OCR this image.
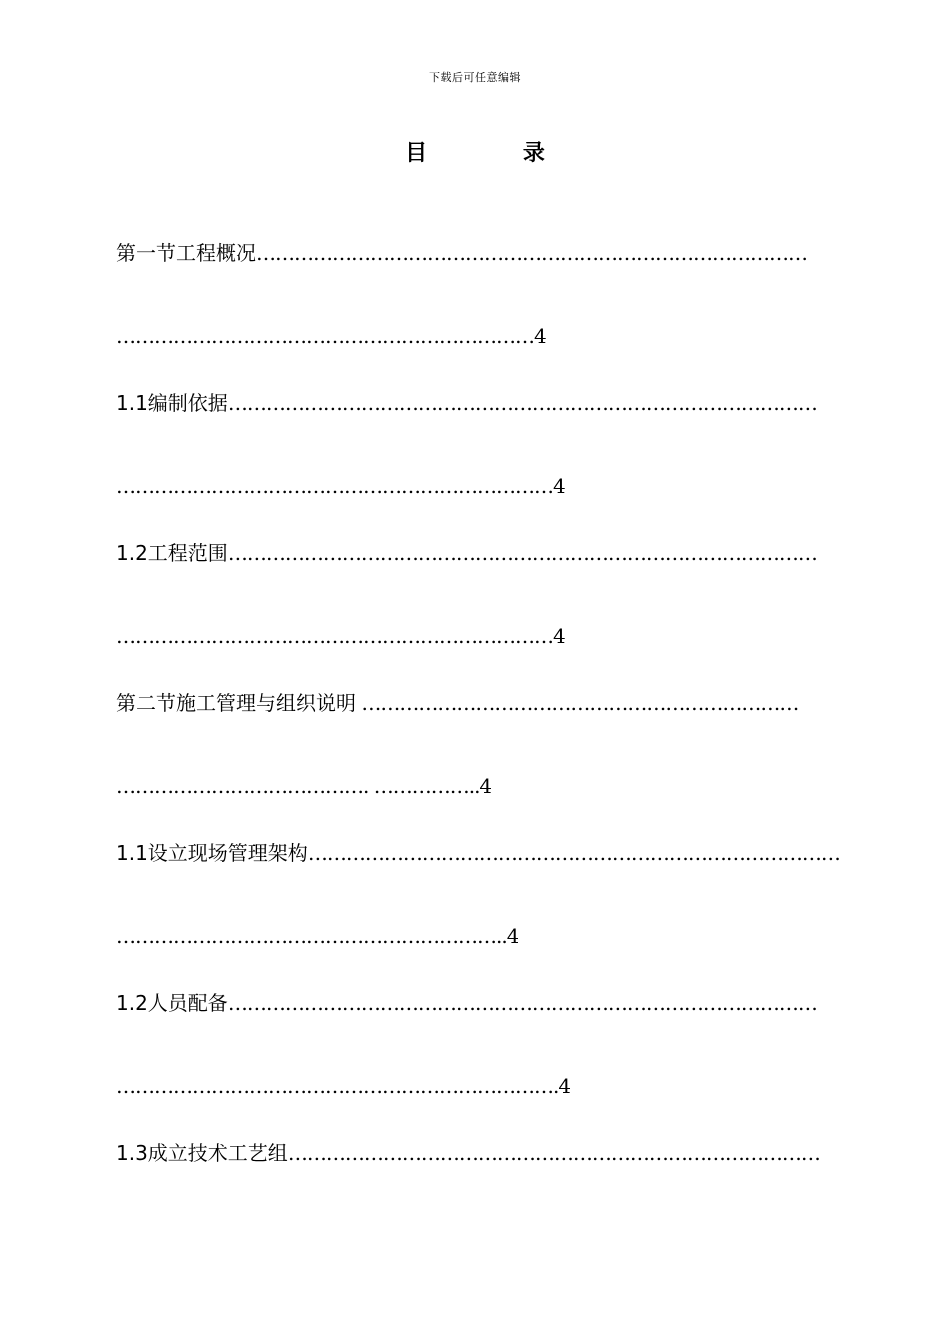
下载后可任意编辑
目 录
第一节工程概况……………………………………………………………………………
…………………………………………………………4
1.1编制依据…………………………………………………………………………………
……………………………………………………………4
1.2工程范围…………………………………………………………………………………
……………………………………………………………4
第二节施工管理与组织说明 ……………………………………………………………
…………………………………. ……………..4
1.1设立现场管理架构…………………………………………………………………………
……………………………………………………..4
1.2人员配备…………………………………………………………………………………
…………………………………………………………….4
1.3成立技术工艺组…………………………………………………………………………
